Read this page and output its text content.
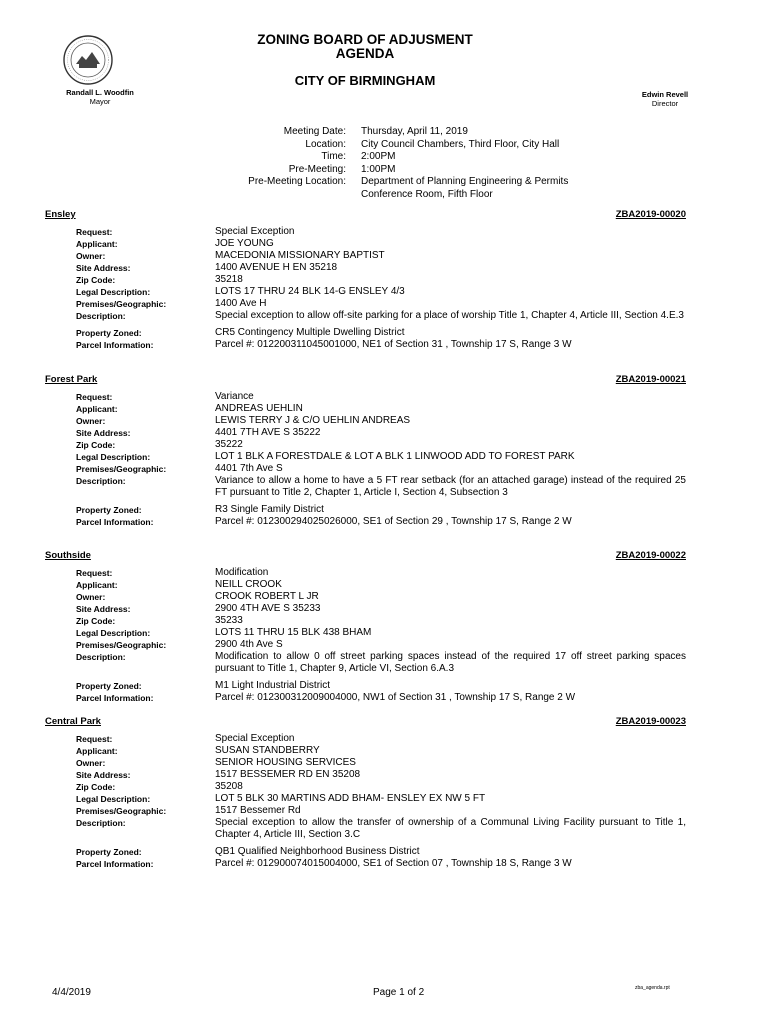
ZONING BOARD OF ADJUSMENT
AGENDA
CITY OF BIRMINGHAM
Randall L. Woodfin
Mayor
Edwin Revell
Director
Meeting Date:	Thursday, April 11, 2019
Location:	City Council Chambers, Third Floor, City Hall
Time:	2:00PM
Pre-Meeting:	1:00PM
Pre-Meeting Location:	Department of Planning Engineering & Permits
Conference Room, Fifth Floor
Ensley	ZBA2019-00020
Request:	Special Exception
Applicant:	JOE YOUNG
Owner:	MACEDONIA MISSIONARY BAPTIST
Site Address:	1400 AVENUE H EN 35218
Zip Code:	35218
Legal Description:	LOTS 17 THRU 24 BLK 14-G ENSLEY 4/3
Premises/Geographic:	1400 Ave H
Description:	Special exception to allow off-site parking for a place of worship Title 1, Chapter 4, Article III, Section 4.E.3
Property Zoned:	CR5 Contingency Multiple Dwelling District
Parcel Information:	Parcel #: 012200311045001000, NE1 of Section 31 , Township 17 S, Range 3 W
Forest Park	ZBA2019-00021
Request:	Variance
Applicant:	ANDREAS UEHLIN
Owner:	LEWIS TERRY J & C/O UEHLIN ANDREAS
Site Address:	4401 7TH AVE S 35222
Zip Code:	35222
Legal Description:	LOT 1 BLK A FORESTDALE & LOT A BLK 1 LINWOOD ADD TO FOREST PARK
Premises/Geographic:	4401 7th Ave S
Description:	Variance to allow a home to have a 5 FT rear setback (for an attached garage) instead of the required 25 FT pursuant to Title 2, Chapter 1, Article I, Section 4, Subsection 3
Property Zoned:	R3 Single Family District
Parcel Information:	Parcel #: 012300294025026000, SE1 of Section 29 , Township 17 S, Range 2 W
Southside	ZBA2019-00022
Request:	Modification
Applicant:	NEILL CROOK
Owner:	CROOK ROBERT L JR
Site Address:	2900 4TH AVE S 35233
Zip Code:	35233
Legal Description:	LOTS 11 THRU 15 BLK 438 BHAM
Premises/Geographic:	2900 4th Ave S
Description:	Modification to allow 0 off street parking spaces instead of the required 17 off street parking spaces pursuant to Title 1, Chapter 9, Article VI, Section 6.A.3
Property Zoned:	M1 Light Industrial District
Parcel Information:	Parcel #: 012300312009004000, NW1 of Section 31 , Township 17 S, Range 2 W
Central Park	ZBA2019-00023
Request:	Special Exception
Applicant:	SUSAN STANDBERRY
Owner:	SENIOR HOUSING SERVICES
Site Address:	1517 BESSEMER RD EN 35208
Zip Code:	35208
Legal Description:	LOT 5 BLK 30 MARTINS ADD BHAM- ENSLEY EX NW 5 FT
Premises/Geographic:	1517 Bessemer Rd
Description:	Special exception to allow the transfer of ownership of a Communal Living Facility pursuant to Title 1, Chapter 4, Article III, Section 3.C
Property Zoned:	QB1 Qualified Neighborhood Business District
Parcel Information:	Parcel #: 012900074015004000, SE1 of Section 07 , Township 18 S, Range 3 W
4/4/2019	Page 1 of 2	zba_agenda.rpt
